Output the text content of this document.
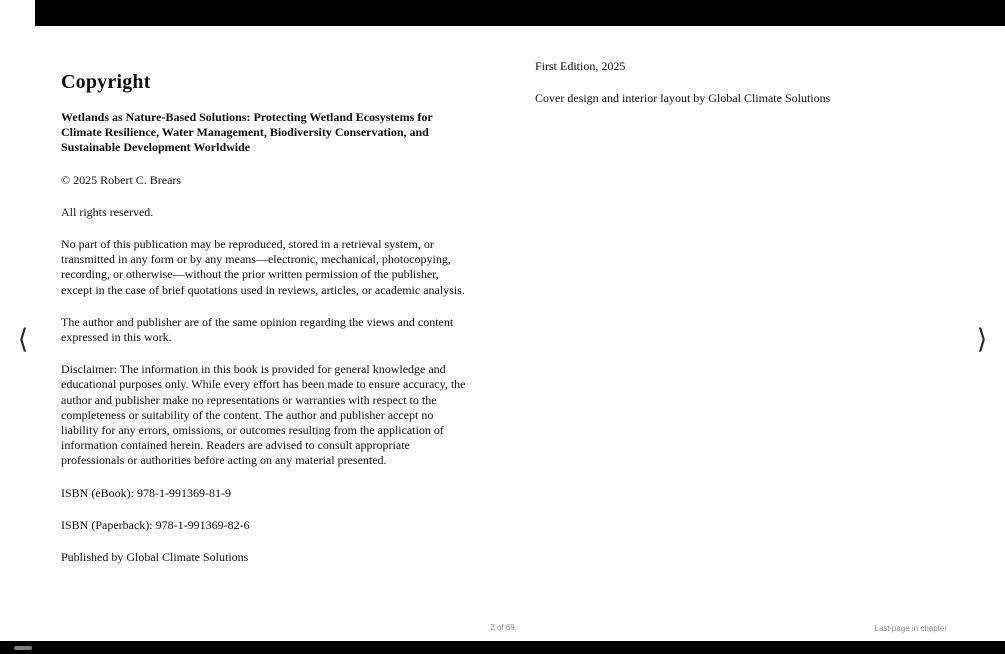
⟨	⟩
Copyright

Wetlands as Nature-Based Solutions: Protecting Wetland Ecosystems for Climate Resilience, Water Management, Biodiversity Conservation, and Sustainable Development Worldwide

© 2025 Robert C. Brears

All rights reserved.

No part of this publication may be reproduced, stored in a retrieval system, or transmitted in any form or by any means—electronic, mechanical, photocopying, recording, or otherwise—without the prior written permission of the publisher, except in the case of brief quotations used in reviews, articles, or academic analysis.

The author and publisher are of the same opinion regarding the views and content expressed in this work.

Disclaimer: The information in this book is provided for general knowledge and educational purposes only. While every effort has been made to ensure accuracy, the author and publisher make no representations or warranties with respect to the completeness or suitability of the content. The author and publisher accept no liability for any errors, omissions, or outcomes resulting from the application of information contained herein. Readers are advised to consult appropriate professionals or authorities before acting on any material presented.

ISBN (eBook): 978-1-991369-81-9

ISBN (Paperback): 978-1-991369-82-6

Published by Global Climate Solutions

First Edition, 2025

Cover design and interior layout by Global Climate Solutions

2 of 69	Last page in chapter
